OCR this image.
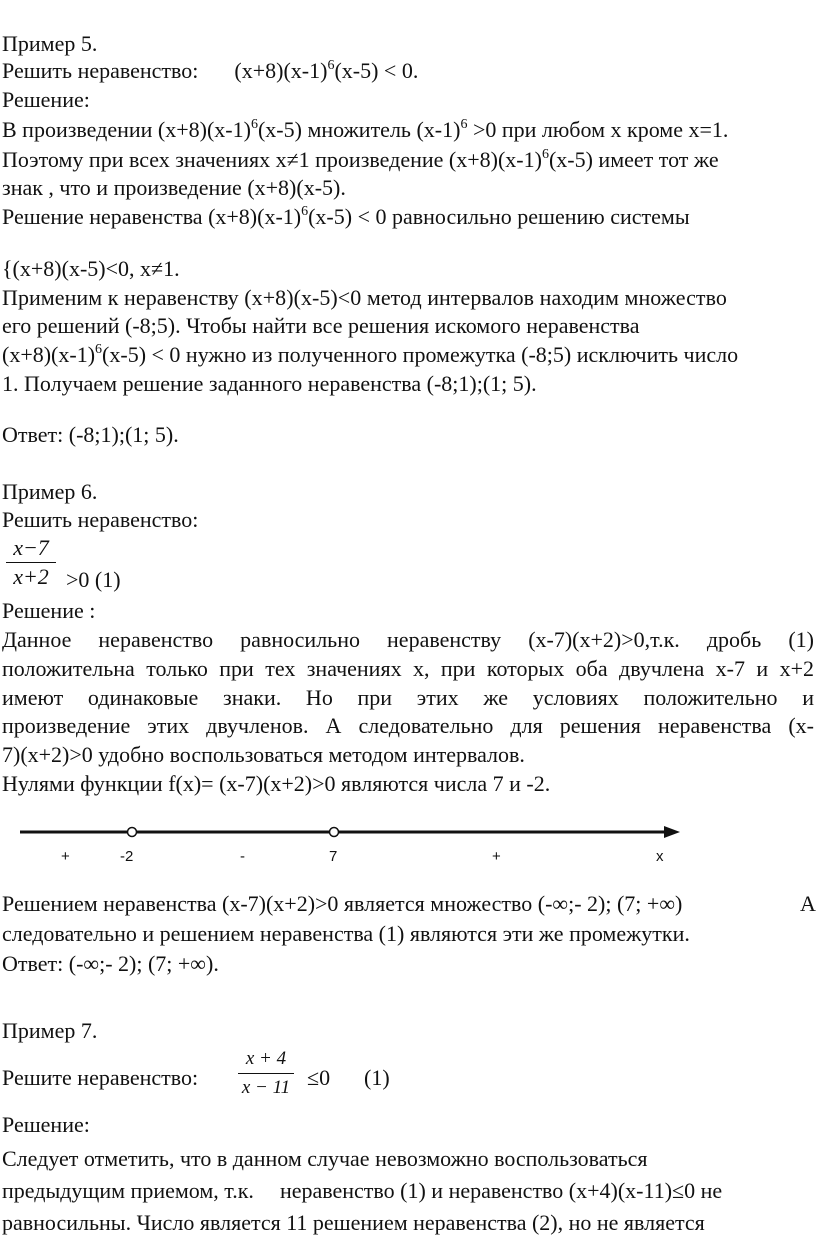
Пример 5.
Решить неравенство: $(x+8)(x-1)^6(x-5) < 0$.
Решение:
В произведении $(x+8)(x-1)^6(x-5)$ множитель $(x-1)^6 >0$ при любом x кроме x=1.
Поэтому при всех значениях x≠1 произведение $(x+8)(x-1)^6(x-5)$ имеет тот же
знак , что и произведение (x+8)(x-5).
Решение неравенства $(x+8)(x-1)^6(x-5) < 0$ равносильно решению системы
{(x+8)(x-5)<0, x≠1.
Применим к неравенству (x+8)(x-5)<0 метод интервалов находим множество
его решений (-8;5). Чтобы найти все решения искомого неравенства
$(x+8)(x-1)^6(x-5) < 0$ нужно из полученного промежутка (-8;5) исключить число
1. Получаем решение заданного неравенства (-8;1);(1; 5).
Ответ: (-8;1);(1; 5).
Пример 6.
Решить неравенство:
x−7
x+2 >0 (1)
Решение :
Данное неравенство равносильно неравенству (x-7)(x+2)>0,т.к. дробь (1)
положительна только при тех значениях x, при которых оба двучлена x-7 и x+2
имеют одинаковые знаки. Но при этих же условиях положительно и
произведение этих двучленов. А следовательно для решения неравенства (x-
7)(x+2)>0 удобно воспользоваться методом интервалов.
Нулями функции f(x)= (x-7)(x+2)>0 являются числа 7 и -2.
+	-2	-	7	+	x
Решением неравенства (x-7)(x+2)>0 является множество (-∞;- 2); (7; +∞)	А
следовательно и решением неравенства (1) являются эти же промежутки.
Ответ: (-∞;- 2); (7; +∞).
Пример 7.
Решите неравенство:
x + 4
x − 11 ≤0 (1)
Решение:
Следует отметить, что в данном случае невозможно воспользоваться
предыдущим приемом, т.к. неравенство (1) и неравенство (x+4)(x-11)≤0 не
равносильны. Число является 11 решением неравенства (2), но не является
